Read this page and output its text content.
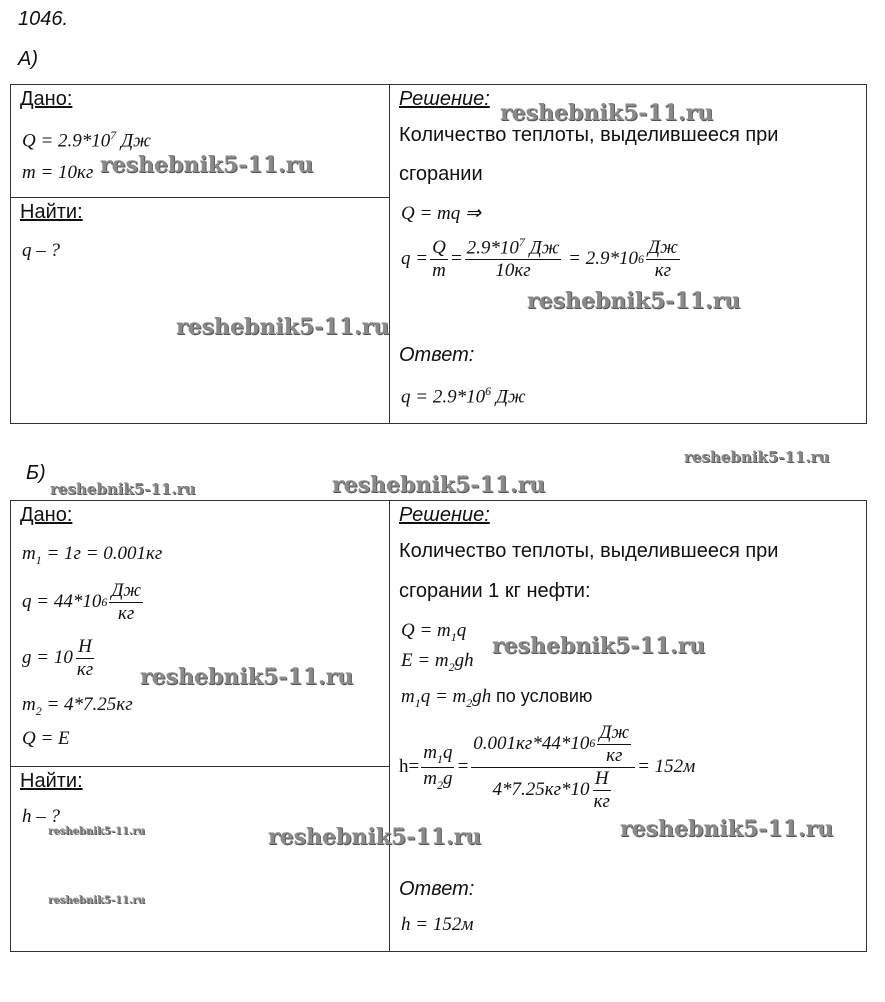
1046.
А)
Дано:
$Q = 2.9*10^7$ Дж
m = 10кг
Найти:
q – ?
Решение:
Количество теплоты, выделившееся при
сгорании
Q = mq ⇒
$q = \frac{Q}{m} = \frac{2.9*10^7 Дж}{10кг}$
= 2.9*10 $6 \frac{Дж}{кг}$
Ответ:
$q = 2.9*10^6$ Дж
Б)
Дано:
$m_1 = 1г = 0.001кг$
q = 44*10 $6 \frac{Дж}{кг}$
$g = 10 \frac{Н}{кг}$
$m_2 = 4*7.25кг$
Q = E
Найти:
h – ?
Решение:
Количество теплоты, выделившееся при
сгорании 1 кг нефти:
$Q = m_1q$
$E = m_2gh$
$m_1q = m_2gh$ по условию
$h= \frac{m_1q}{m_2g} = \frac{0.001кг*44*10 6 \frac{Дж}{кг}}{4*7.25кг*10 \frac{Н}{кг}} = 152м$
Ответ:
h = 152м
reshebnik5-11.ru
reshebnik5-11.ru
reshebnik5-11.ru
reshebnik5-11.ru
reshebnik5-11.ru
reshebnik5-11.ru	reshebnik5-11.ru
reshebnik5-11.ru
reshebnik5-11.ru
reshebnik5-11.ru	reshebnik5-11.ru	reshebnik5-11.ru
reshebnik5-11.ru
